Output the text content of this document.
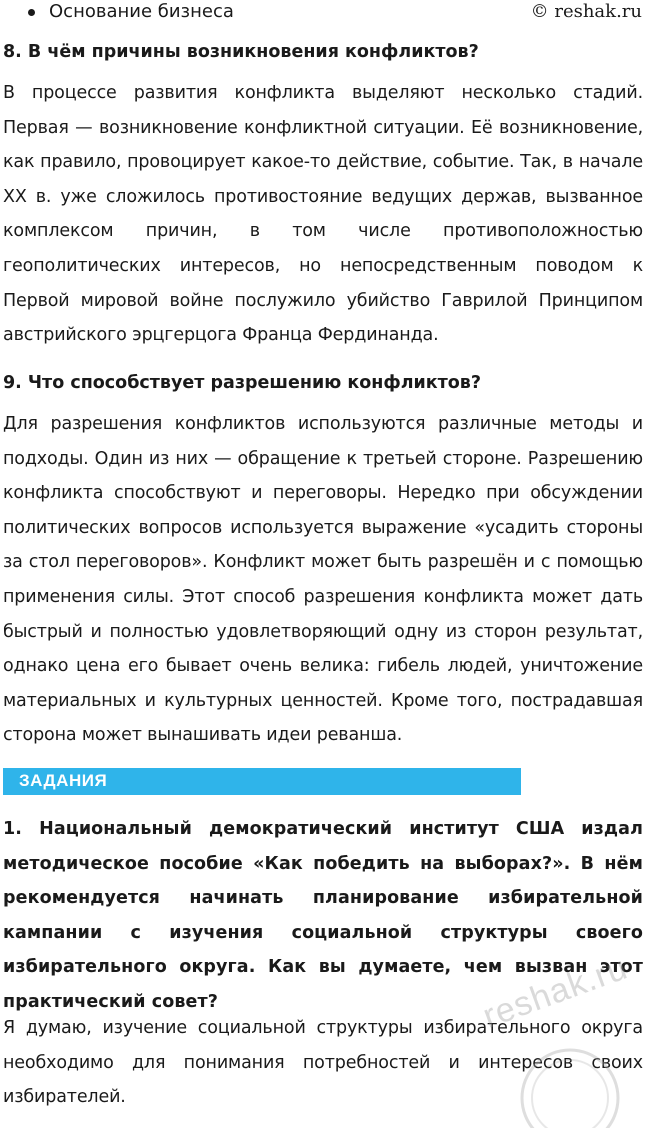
Основание бизнеса	© reshak.ru
8. В чём причины возникновения конфликтов?
В процессе развития конфликта выделяют несколько стадий. Первая — возникновение конфликтной ситуации. Её возникновение, как правило, провоцирует какое-то действие, событие. Так, в начале XX в. уже сложилось противостояние ведущих держав, вызванное комплексом причин, в том числе противоположностью геополитических интересов, но непосредственным поводом к Первой мировой войне послужило убийство Гаврилой Принципом австрийского эрцгерцога Франца Фердинанда.
9. Что способствует разрешению конфликтов?
Для разрешения конфликтов используются различные методы и подходы. Один из них — обращение к третьей стороне. Разрешению конфликта способствуют и переговоры. Нередко при обсуждении политических вопросов используется выражение «усадить стороны за стол переговоров». Конфликт может быть разрешён и с помощью применения силы. Этот способ разрешения конфликта может дать быстрый и полностью удовлетворяющий одну из сторон результат, однако цена его бывает очень велика: гибель людей, уничтожение материальных и культурных ценностей. Кроме того, пострадавшая сторона может вынашивать идеи реванша.
ЗАДАНИЯ
1. Национальный демократический институт США издал методическое пособие «Как победить на выборах?». В нём рекомендуется начинать планирование избирательной кампании с изучения социальной структуры своего избирательного округа. Как вы думаете, чем вызван этот практический совет?
Я думаю, изучение социальной структуры избирательного округа необходимо для понимания потребностей и интересов своих избирателей.
reshak.ru
